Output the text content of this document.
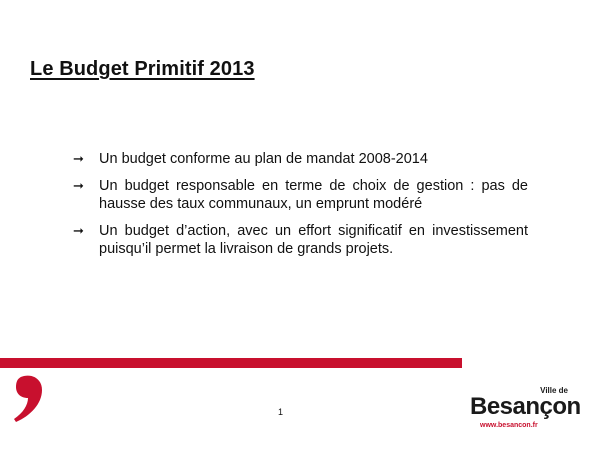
Le Budget Primitif 2013
➞ Un budget conforme au plan de mandat 2008-2014
➞ Un budget responsable en terme de choix de gestion : pas de hausse des taux communaux, un emprunt modéré
➞ Un budget d’action, avec un effort significatif en investissement puisqu’il permet la livraison de grands projets.
1
Ville de
Besançon
www.besancon.fr
